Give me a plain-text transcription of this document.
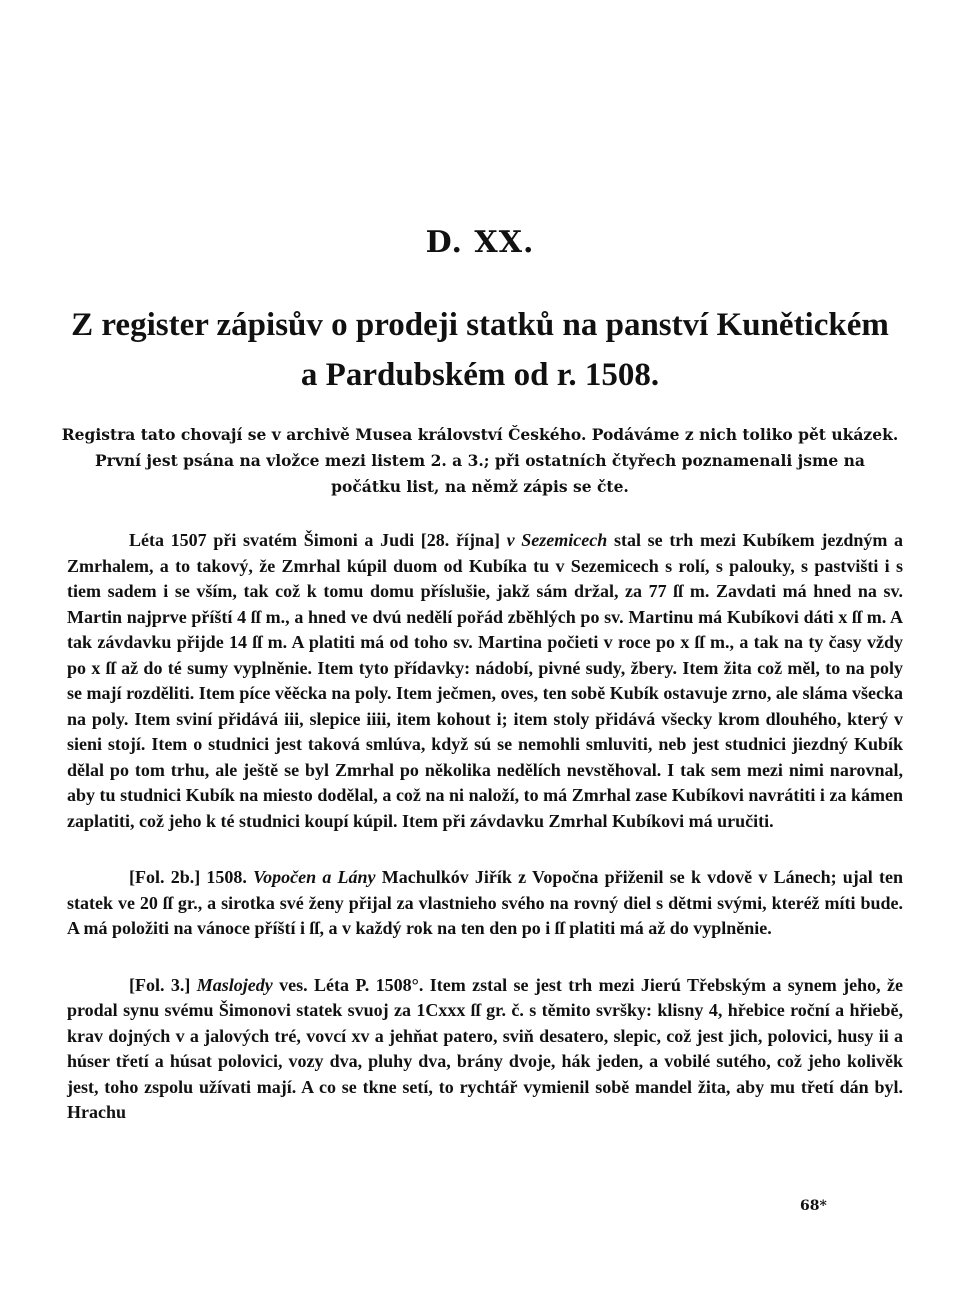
D. XX.
Z register zápisův o prodeji statků na panství Kunětickém
a Pardubském od r. 1508.
Registra tato chovají se v archivě Musea království Českého. Podáváme z nich toliko pět ukázek. První jest psána na vložce mezi listem 2. a 3.; při ostatních čtyřech poznamenali jsme na počátku list, na němž zápis se čte.

Léta 1507 při svatém Šimoni a Judi [28. října] v Sezemicech stal se trh mezi Kubíkem jezdným a Zmrhalem, a to takový, že Zmrhal kúpil duom od Kubíka tu v Sezemicech s rolí, s palouky, s pastvišti i s tiem sadem i se vším, tak což k tomu domu příslušie, jakž sám držal, za 77 ſſ m. Zavdati má hned na sv. Martin najprve příští 4 ſſ m., a hned ve dvú nedělí pořád zběhlých po sv. Martinu má Kubíkovi dáti x ſſ m. A tak závdavku přijde 14 ſſ m. A platiti má od toho sv. Martina počieti v roce po x ſſ m., a tak na ty časy vždy po x ſſ až do té sumy vyplněnie. Item tyto přídavky: nádobí, pivné sudy, žbery. Item žita což měl, to na poly se mají rozděliti. Item píce věěcka na poly. Item ječmen, oves, ten sobě Kubík ostavuje zrno, ale sláma všecka na poly. Item sviní přidává iii, slepice iiii, item kohout i; item stoly přidává všecky krom dlouhého, který v sieni stojí. Item o studnici jest taková smlúva, když sú se nemohli smluviti, neb jest studnici jiezdný Kubík dělal po tom trhu, ale ještě se byl Zmrhal po několika nedělích nevstěhoval. I tak sem mezi nimi narovnal, aby tu studnici Kubík na miesto dodělal, a což na ni naloží, to má Zmrhal zase Kubíkovi navrátiti i za kámen zaplatiti, což jeho k té studnici koupí kúpil. Item při závdavku Zmrhal Kubíkovi má uručiti.

[Fol. 2b.] 1508. Vopočen a Lány Machulkóv Jiřík z Vopočna přiženil se k vdově v Lánech; ujal ten statek ve 20 ſſ gr., a sirotka své ženy přijal za vlastnieho svého na rovný diel s dětmi svými, kteréž míti bude. A má položiti na vánoce příští i ſſ, a v každý rok na ten den po i ſſ platiti má až do vyplněnie.

[Fol. 3.] Maslojedy ves. Léta P. 1508°. Item zstal se jest trh mezi Jierú Třebským a synem jeho, že prodal synu svému Šimonovi statek svuoj za 1Cxxx ſſ gr. č. s těmito svršky: klisny 4, hřebice roční a hřiebě, krav dojných v a jalových tré, vovcí xv a jehňat patero, sviň desatero, slepic, což jest jich, polovici, husy ii a húser třetí a húsat polovici, vozy dva, pluhy dva, brány dvoje, hák jeden, a vobilé sutého, což jeho kolivěk jest, toho zspolu užívati mají. A co se tkne setí, to rychtář vymienil sobě mandel žita, aby mu třetí dán byl. Hrachu

68*
